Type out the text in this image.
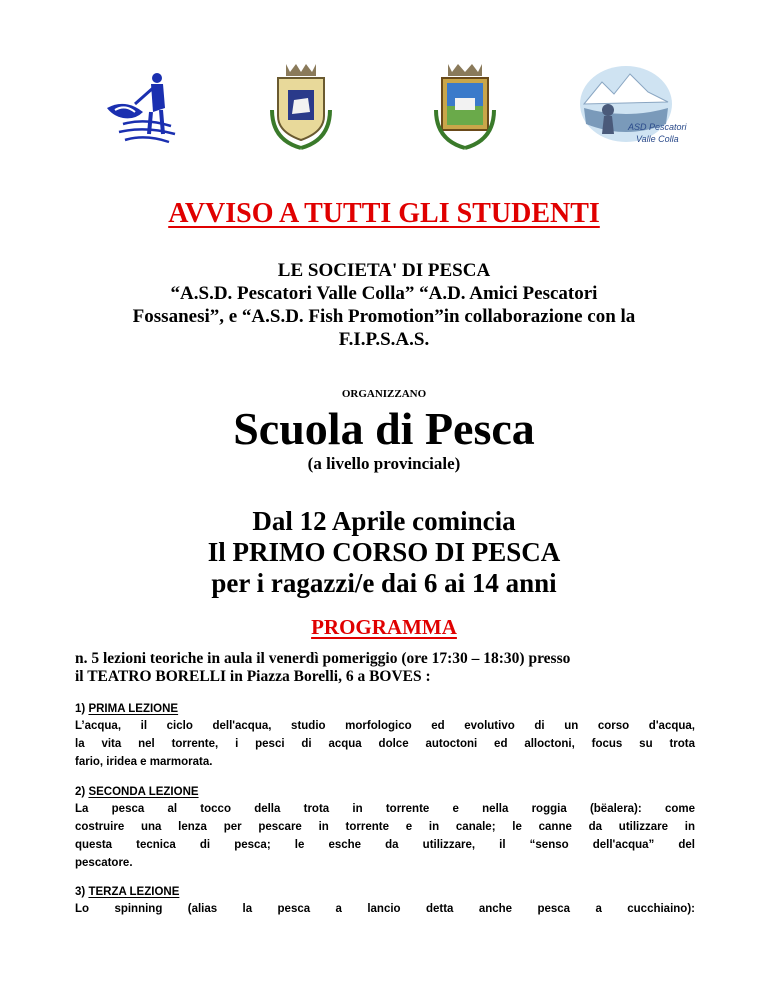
ASD Pescatori
Valle Colla
AVVISO A TUTTI GLI STUDENTI
LE SOCIETA' DI PESCA
“A.S.D. Pescatori Valle Colla” “A.D. Amici Pescatori
Fossanesi”, e “A.S.D. Fish Promotion”in collaborazione con la
F.I.P.S.A.S.
ORGANIZZANO
Scuola di Pesca
(a livello provinciale)
Dal 12 Aprile comincia
Il PRIMO CORSO DI PESCA
per i ragazzi/e dai 6 ai 14 anni
PROGRAMMA
n. 5 lezioni teoriche in aula il venerdì pomeriggio (ore 17:30 – 18:30) presso
il TEATRO BORELLI in Piazza Borelli, 6 a BOVES :
1) PRIMA LEZIONE
L’acqua, il ciclo dell'acqua, studio morfologico ed evolutivo di un corso d'acqua,
la vita nel torrente, i pesci di acqua dolce autoctoni ed alloctoni, focus su trota
fario, iridea e marmorata.
2) SECONDA LEZIONE
La pesca al tocco della trota in torrente e nella roggia (bëalera): come
costruire una lenza per pescare in torrente e in canale; le canne da utilizzare in
questa tecnica di pesca; le esche da utilizzare, il “senso dell'acqua” del
pescatore.
3) TERZA LEZIONE
Lo spinning (alias la pesca a lancio detta anche pesca a cucchiaino):
